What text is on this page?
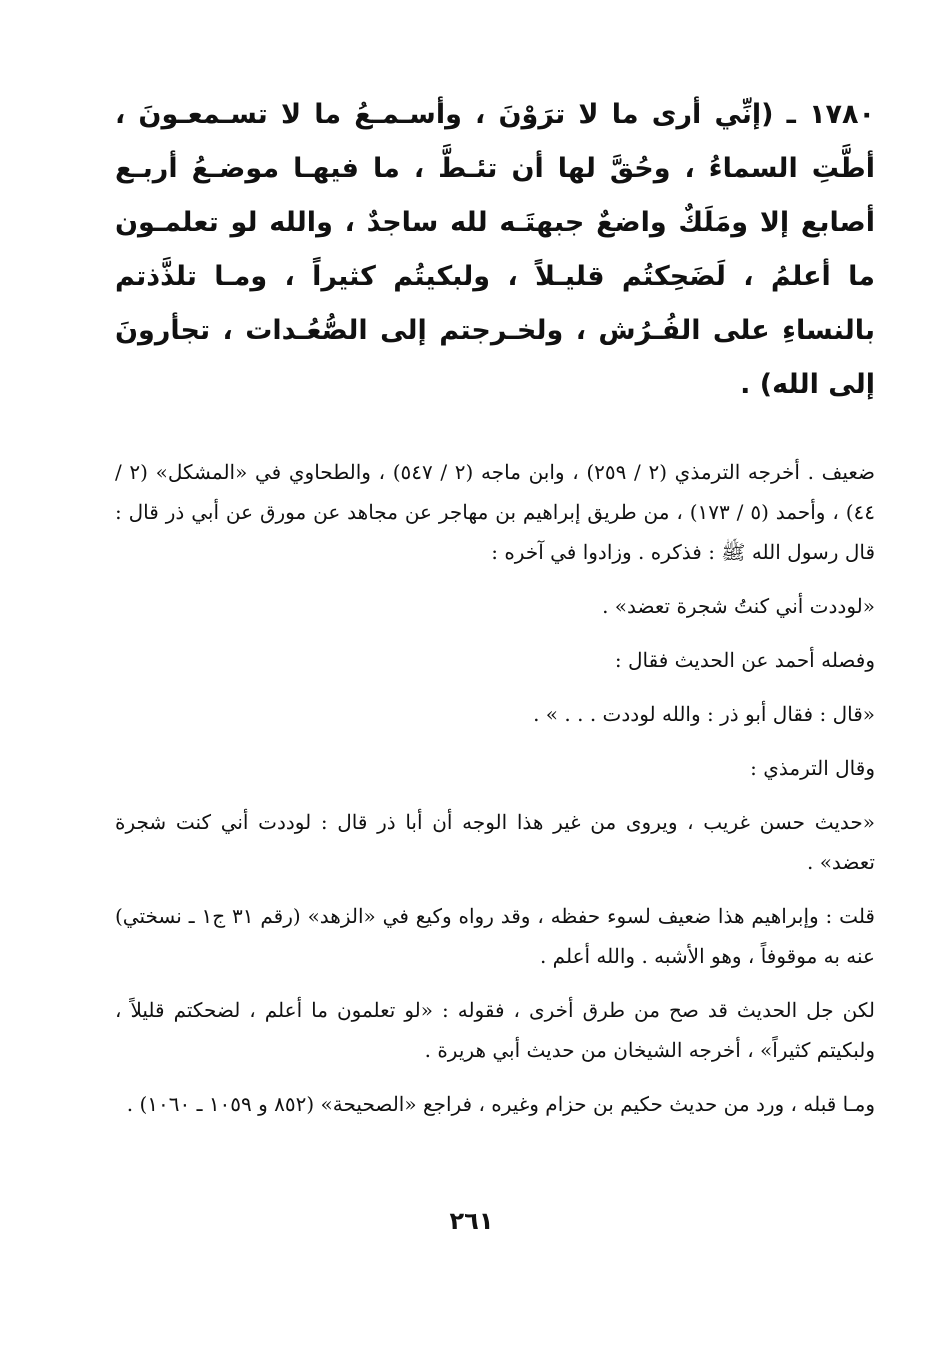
١٧٨٠ ـ (إنِّي أرى ما لا ترَوْنَ ، وأسـمـعُ ما لا تسـمعـونَ ، أطَّتِ السماءُ ، وحُقَّ لها أن تئـطَّ ، ما فيهـا موضـعُ أربـع أصابع إلا ومَلَكٌ واضعٌ جبهتَـه لله ساجدٌ ، والله لو تعلمـون ما أعلمُ ، لَضَحِكتُم قليـلاً ، ولبكيتُم كثيراً ، ومـا تلذَّذتم بالنساءِ على الفُـرُش ، ولخـرجتم إلى الصُّعُـدات ، تجأرونَ إلى الله) .

ضعيف . أخرجه الترمذي (٢ / ٢٥٩) ، وابن ماجه (٢ / ٥٤٧) ، والطحاوي في «المشكل» (٢ / ٤٤) ، وأحمد (٥ / ١٧٣) ، من طريق إبراهيم بن مهاجر عن مجاهد عن مورق عن أبي ذر قال : قال رسول الله ﷺ : فذكره . وزادوا في آخره :

«لوددت أني كنتُ شجرة تعضد» .

وفصله أحمد عن الحديث فقال :

«قال : فقال أبو ذر : والله لوددت . . . » .

وقال الترمذي :

«حديث حسن غريب ، ويروى من غير هذا الوجه أن أبا ذر قال : لوددت أني كنت شجرة تعضد» .

قلت : وإبراهيم هذا ضعيف لسوء حفظه ، وقد رواه وكيع في «الزهد» (رقم ٣١ ج١ ـ نسختي) عنه به موقوفاً ، وهو الأشبه . والله أعلم .

لكن جل الحديث قد صح من طرق أخرى ، فقوله : «لو تعلمون ما أعلم ، لضحكتم قليلاً ، ولبكيتم كثيراً» ، أخرجه الشيخان من حديث أبي هريرة .

ومـا قبله ، ورد من حديث حكيم بن حزام وغيره ، فراجع «الصحيحة» (٨٥٢ و ١٠٥٩ ـ ١٠٦٠) .

٢٦١
